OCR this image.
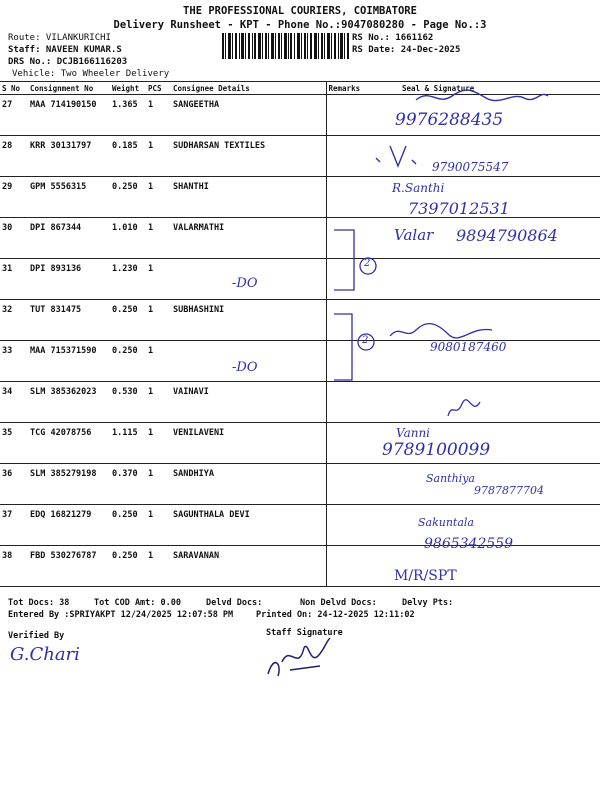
THE PROFESSIONAL COURIERS, COIMBATORE
Delivery Runsheet - KPT - Phone No.:9047080280 - Page No.:3
Route: VILANKURICHI
Staff: NAVEEN KUMAR.S
DRS No.: DCJB166116203
Vehicle: Two Wheeler Delivery
RS No.: 1661162
RS Date: 24-Dec-2025
S No	Consignment No	Weight	PCS	Consignee Details	Remarks	Seal & Signature
27	MAA 714190150	1.365	1	SANGEETHA		
28	KRR 30131797	0.185	1	SUDHARSAN TEXTILES		
29	GPM 5556315	0.250	1	SHANTHI		
30	DPI 867344	1.010	1	VALARMATHI		
31	DPI 893136	1.230	1			
32	TUT 831475	0.250	1	SUBHASHINI		
33	MAA 715371590	0.250	1			
34	SLM 385362023	0.530	1	VAINAVI		
35	TCG 42078756	1.115	1	VENILAVENI		
36	SLM 385279198	0.370	1	SANDHIYA		
37	EDQ 16821279	0.250	1	SAGUNTHALA DEVI		
38	FBD 530276787	0.250	1	SARAVANAN		
9976288435
9790075547
R.Santhi
7397012531
Valar 9894790864
-DO
2
2	9080187460
-DO
Vanni
9789100099
Santhiya
9787877704
Sakuntala
9865342559
M/R/SPT
Tot Docs: 38	Tot COD Amt: 0.00	Delvd Docs:	Non Delvd Docs:	Delvy Pts:
Entered By :SPRIYAKPT 12/24/2025 12:07:58 PM	Printed On: 24-12-2025 12:11:02
Verified By	Staff Signature
G.Chari
